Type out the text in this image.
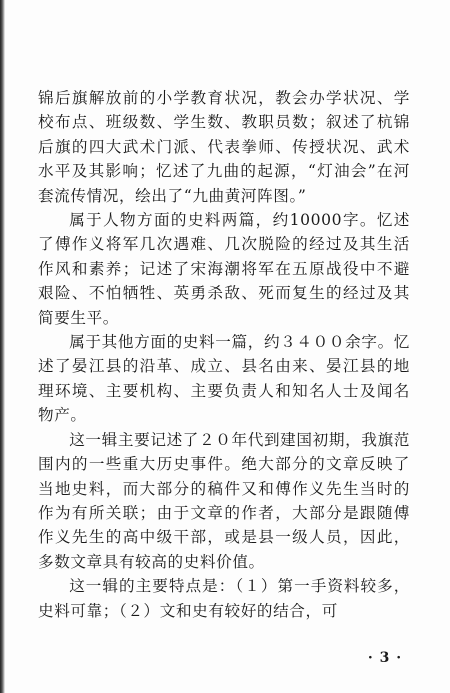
锦后旗解放前的小学教育状况，教会办学状况、学校布点、班级数、学生数、教职员数；叙述了杭锦后旗的四大武术门派、代表拳师、传授状况、武术水平及其影响；忆述了九曲的起源，“灯油会”在河套流传情况，绘出了“九曲黄河阵图。”

属于人物方面的史料两篇，约10000字。忆述了傅作义将军几次遇难、几次脱险的经过及其生活作风和素养；记述了宋海潮将军在五原战役中不避艰险、不怕牺牲、英勇杀敌、死而复生的经过及其简要生平。

属于其他方面的史料一篇，约３４００余字。忆述了晏江县的沿革、成立、县名由来、晏江县的地理环境、主要机构、主要负责人和知名人士及闻名物产。

这一辑主要记述了２０年代到建国初期，我旗范围内的一些重大历史事件。绝大部分的文章反映了当地史料，而大部分的稿件又和傅作义先生当时的作为有所关联；由于文章的作者，大部分是跟随傅作义先生的高中级干部，或是县一级人员，因此，多数文章具有较高的史料价值。

这一辑的主要特点是：（１）第一手资料较多，史料可靠；（２）文和史有较好的结合，可

· 3 ·
